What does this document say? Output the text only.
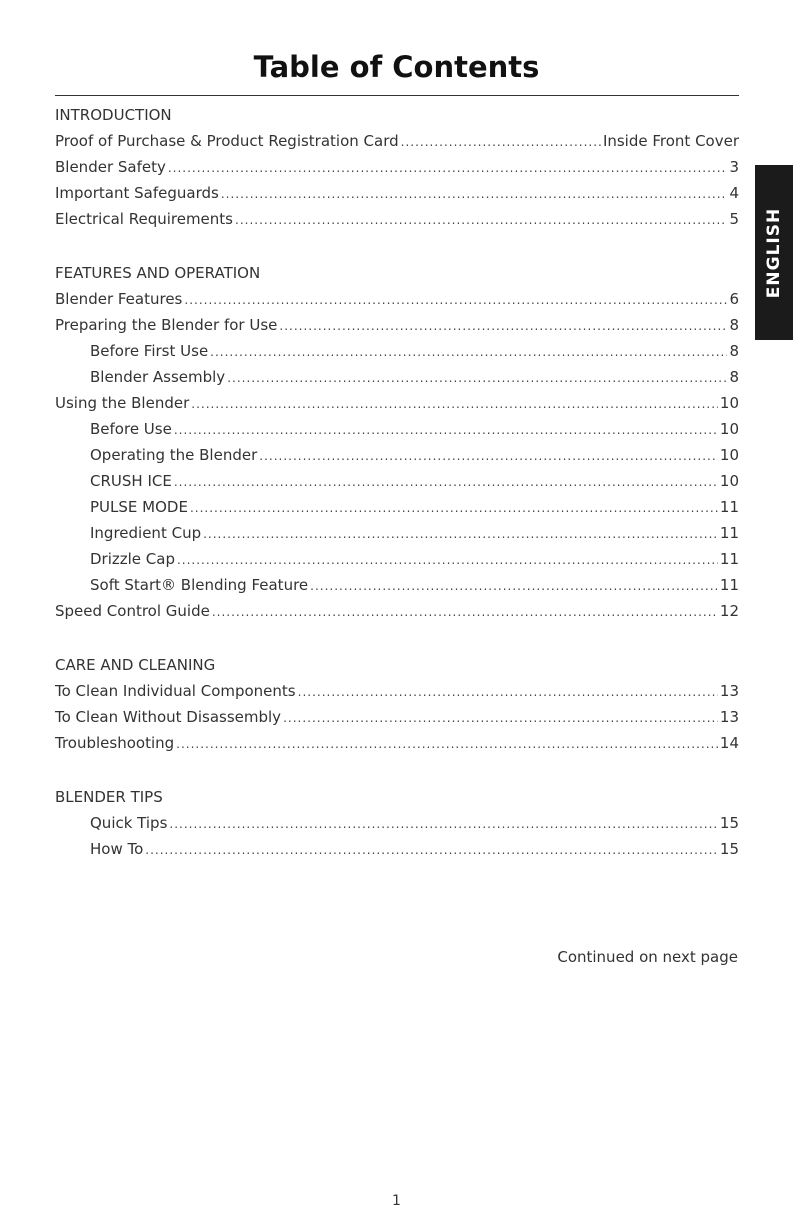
Table of Contents
INTRODUCTION
Proof of Purchase & Product Registration Card .....	Inside Front Cover
Blender Safety .....	3
Important Safeguards .....	4
Electrical Requirements .....	5
FEATURES AND OPERATION
Blender Features .....	6
Preparing the Blender for Use .....	8
Before First Use .....	8
Blender Assembly .....	8
Using the Blender .....	10
Before Use .....	10
Operating the Blender .....	10
CRUSH ICE .....	10
PULSE MODE .....	11
Ingredient Cup .....	11
Drizzle Cap .....	11
Soft Start® Blending Feature .....	11
Speed Control Guide .....	12
CARE AND CLEANING
To Clean Individual Components .....	13
To Clean Without Disassembly .....	13
Troubleshooting .....	14
BLENDER TIPS
Quick Tips .....	15
How To .....	15
Continued on next page
ENGLISH
1
